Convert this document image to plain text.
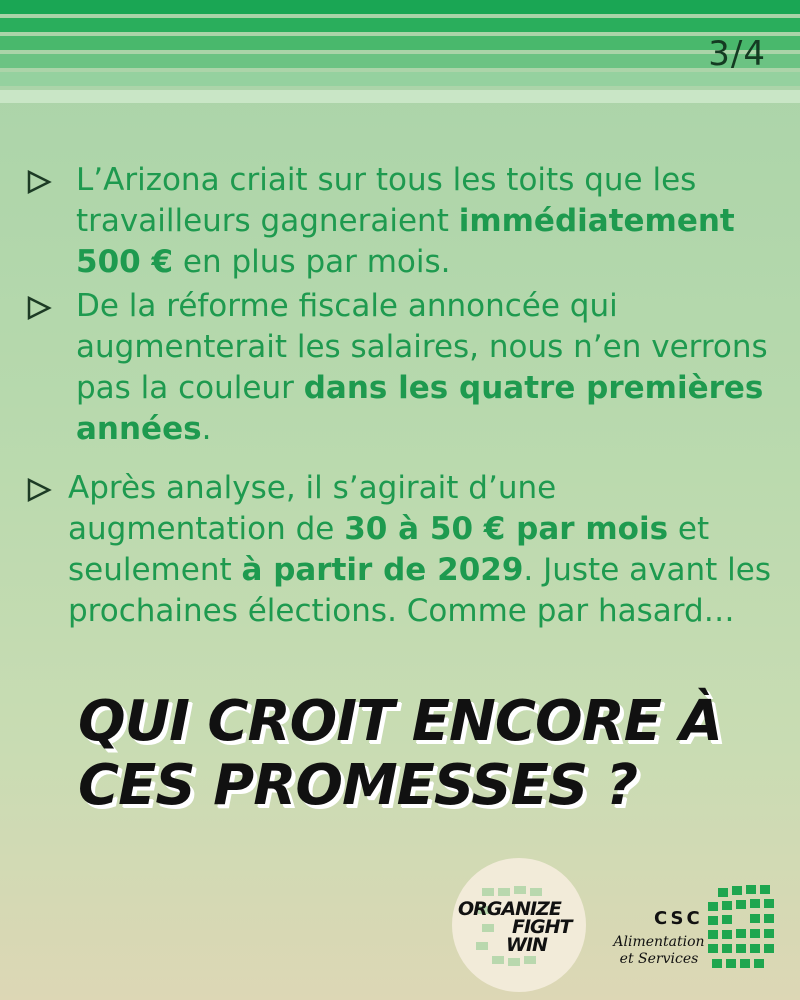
3/4
L’Arizona criait sur tous les toits que les travailleurs gagneraient immédiatement 500 € en plus par mois.
De la réforme fiscale annoncée qui augmenterait les salaires, nous n’en verrons pas la couleur dans les quatre premières années.
Après analyse, il s’agirait d’une augmentation de 30 à 50 € par mois et seulement à partir de 2029. Juste avant les prochaines élections. Comme par hasard…
QUI CROIT ENCORE À
CES PROMESSES ?
ORGANIZE
FIGHT
WIN
CSC
Alimentation
et Services
